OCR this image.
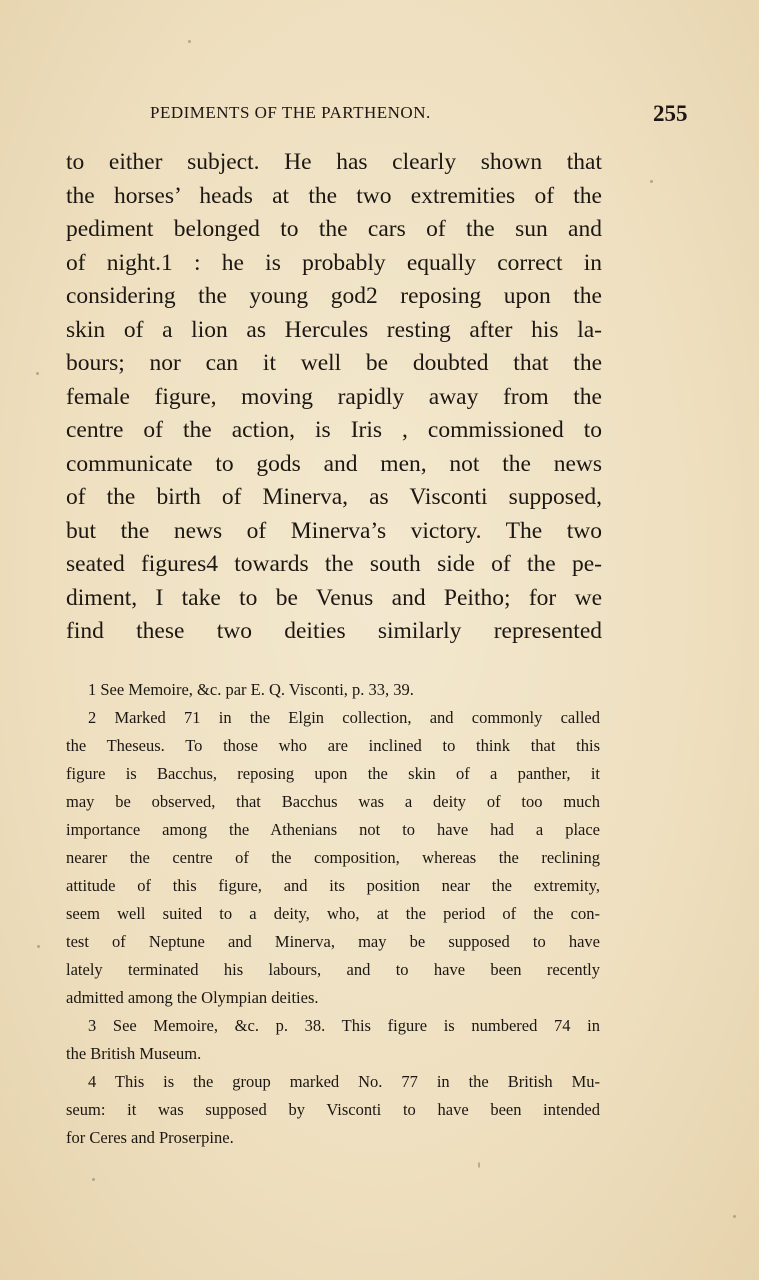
PEDIMENTS OF THE PARTHENON.	255
to either subject. He has clearly shown that
the horses’ heads at the two extremities of the
pediment belonged to the cars of the sun and
of night.1 : he is probably equally correct in
considering the young god2 reposing upon the
skin of a lion as Hercules resting after his la-
bours; nor can it well be doubted that the
female figure, moving rapidly away from the
centre of the action, is Iris , commissioned to
communicate to gods and men, not the news
of the birth of Minerva, as Visconti supposed,
but the news of Minerva’s victory. The two
seated figures4 towards the south side of the pe-
diment, I take to be Venus and Peitho; for we
find these two deities similarly represented
1 See Memoire, &c. par E. Q. Visconti, p. 33, 39.
2 Marked 71 in the Elgin collection, and commonly called
the Theseus. To those who are inclined to think that this
figure is Bacchus, reposing upon the skin of a panther, it
may be observed, that Bacchus was a deity of too much
importance among the Athenians not to have had a place
nearer the centre of the composition, whereas the reclining
attitude of this figure, and its position near the extremity,
seem well suited to a deity, who, at the period of the con-
test of Neptune and Minerva, may be supposed to have
lately terminated his labours, and to have been recently
admitted among the Olympian deities.
3 See Memoire, &c. p. 38. This figure is numbered 74 in
the British Museum.
4 This is the group marked No. 77 in the British Mu-
seum: it was supposed by Visconti to have been intended
for Ceres and Proserpine.
